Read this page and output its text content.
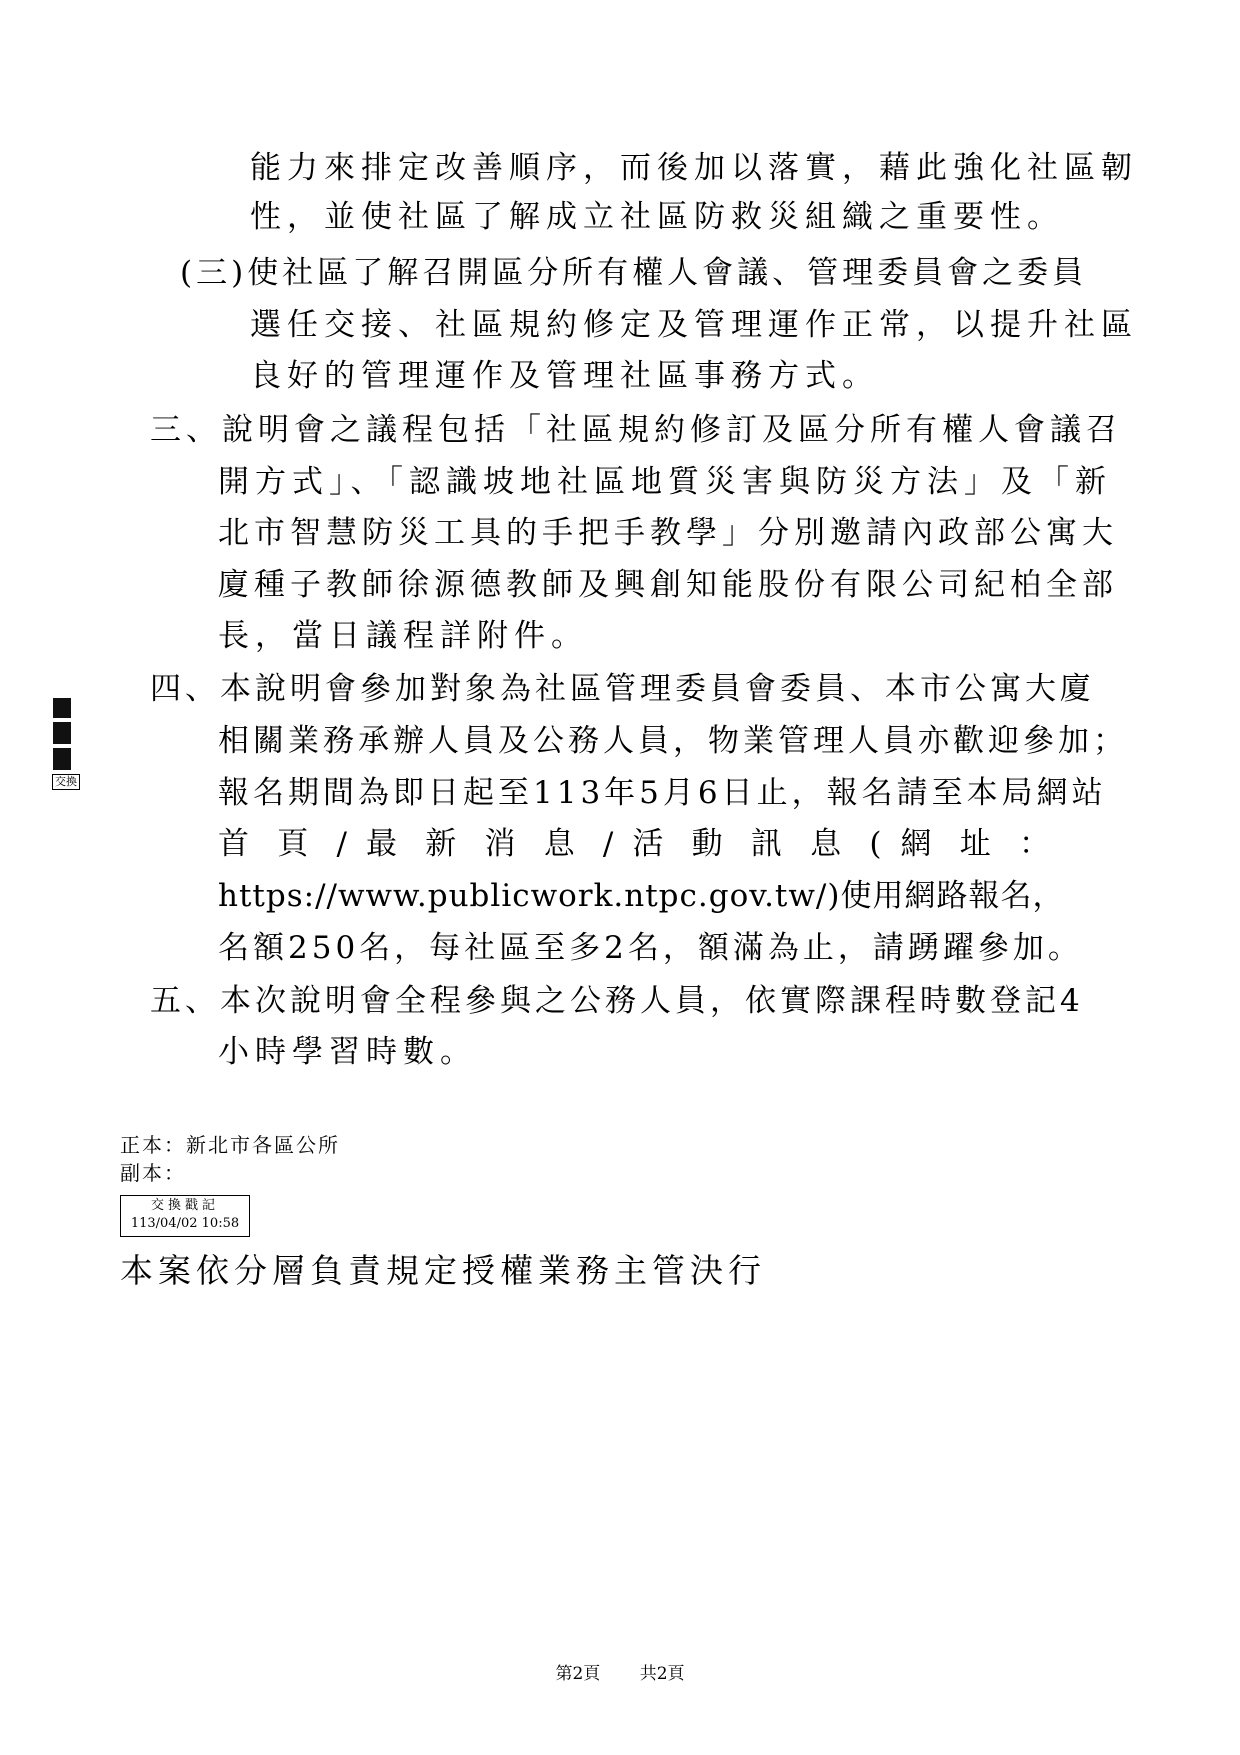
能力來排定改善順序，而後加以落實，藉此強化社區韌
性，並使社區了解成立社區防救災組織之重要性。
(三)使社區了解召開區分所有權人會議、管理委員會之委員
選任交接、社區規約修定及管理運作正常，以提升社區
良好的管理運作及管理社區事務方式。
三、說明會之議程包括「社區規約修訂及區分所有權人會議召
開方式」、「認識坡地社區地質災害與防災方法」及「新
北市智慧防災工具的手把手教學」分別邀請內政部公寓大
廈種子教師徐源德教師及興創知能股份有限公司紀柏全部
長，當日議程詳附件。
四、本說明會參加對象為社區管理委員會委員、本市公寓大廈
相關業務承辦人員及公務人員，物業管理人員亦歡迎參加；
報名期間為即日起至113年5月6日止，報名請至本局網站
首 頁 / 最 新 消 息 / 活 動 訊 息 ( 網 址 ：
https://www.publicwork.ntpc.gov.tw/)使用網路報名，
名額250名，每社區至多2名，額滿為止，請踴躍參加。
五、本次說明會全程參與之公務人員，依實際課程時數登記4
小時學習時數。
交換
正本：新北市各區公所
副本：
交換戳記
113/04/02 10:58
本案依分層負責規定授權業務主管決行
第2頁 共2頁
